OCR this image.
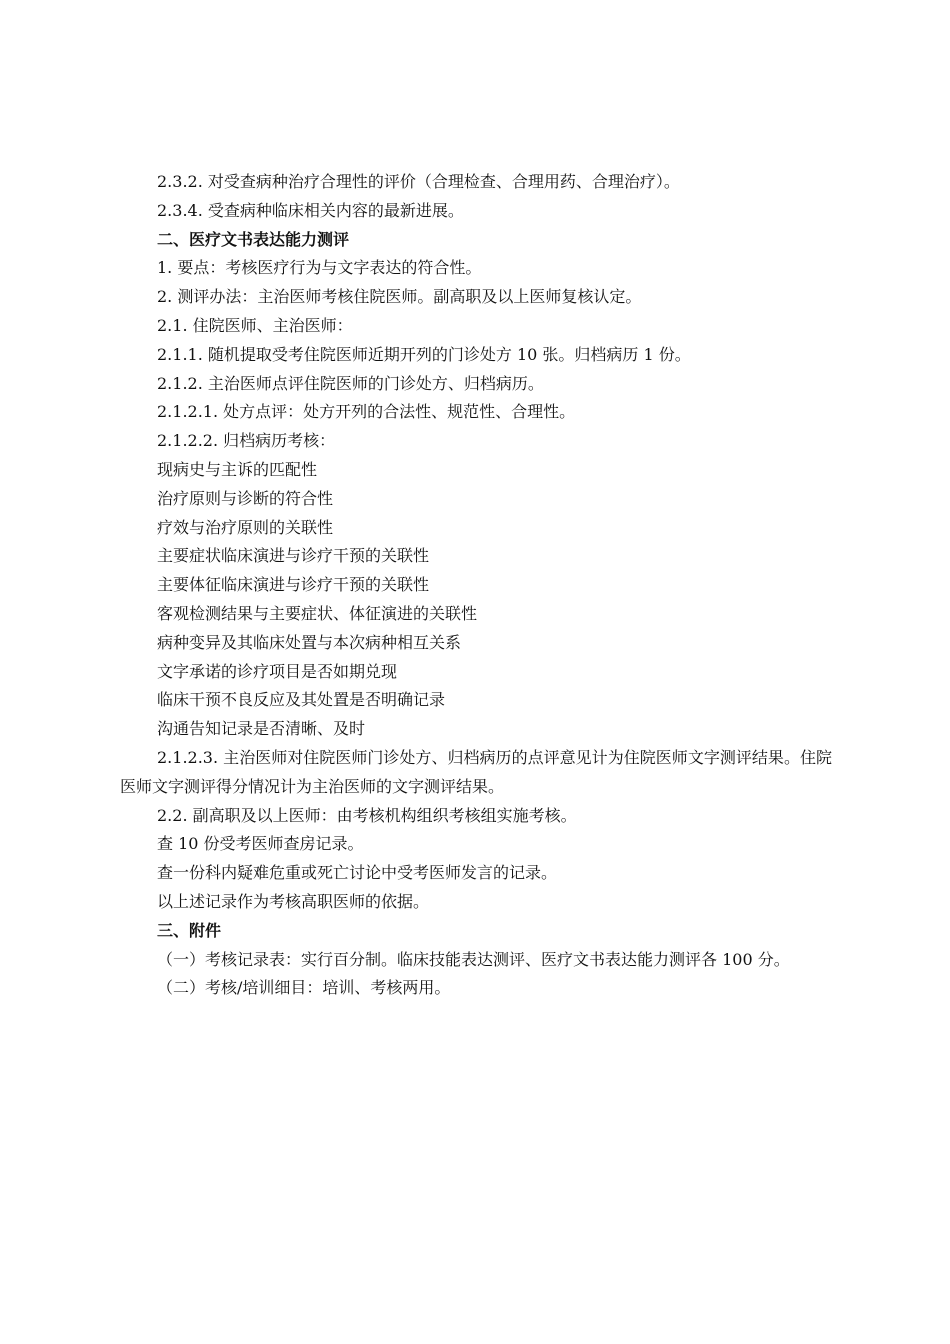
2.3.2. 对受查病种治疗合理性的评价（合理检查、合理用药、合理治疗）。

2.3.4. 受查病种临床相关内容的最新进展。

二、医疗文书表达能力测评

1. 要点：考核医疗行为与文字表达的符合性。

2. 测评办法：主治医师考核住院医师。副高职及以上医师复核认定。

2.1. 住院医师、主治医师：

2.1.1. 随机提取受考住院医师近期开列的门诊处方 10 张。归档病历 1 份。

2.1.2. 主治医师点评住院医师的门诊处方、归档病历。

2.1.2.1. 处方点评：处方开列的合法性、规范性、合理性。

2.1.2.2. 归档病历考核：

现病史与主诉的匹配性

治疗原则与诊断的符合性

疗效与治疗原则的关联性

主要症状临床演进与诊疗干预的关联性

主要体征临床演进与诊疗干预的关联性

客观检测结果与主要症状、体征演进的关联性

病种变异及其临床处置与本次病种相互关系

文字承诺的诊疗项目是否如期兑现

临床干预不良反应及其处置是否明确记录

沟通告知记录是否清晰、及时

2.1.2.3. 主治医师对住院医师门诊处方、归档病历的点评意见计为住院医师文字测评结果。住院医师文字测评得分情况计为主治医师的文字测评结果。

2.2. 副高职及以上医师：由考核机构组织考核组实施考核。

查 10 份受考医师查房记录。

查一份科内疑难危重或死亡讨论中受考医师发言的记录。

以上述记录作为考核高职医师的依据。

三、附件

（一）考核记录表：实行百分制。临床技能表达测评、医疗文书表达能力测评各 100 分。

（二）考核/培训细目：培训、考核两用。
